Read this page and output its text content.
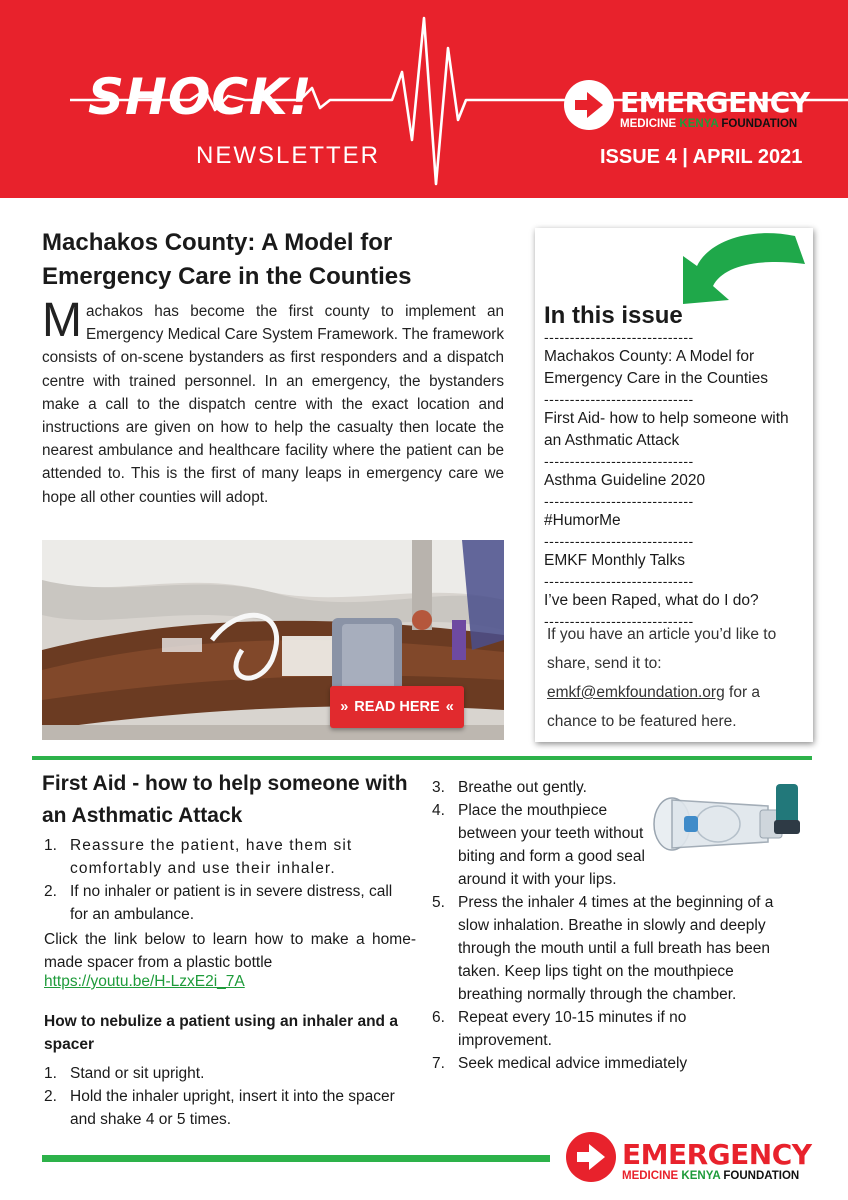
SHOCK!
NEWSLETTER
EMERGENCY
MEDICINE KENYA FOUNDATION
ISSUE 4 | APRIL 2021
Machakos County: A Model for Emergency Care in the Counties
Machakos has become the first county to implement an Emergency Medical Care System Framework. The framework consists of on-scene bystanders as first responders and a dispatch centre with trained personnel. In an emergency, the bystanders make a call to the dispatch centre with the exact location and instructions are given on how to help the casualty then locate the nearest ambulance and healthcare facility where the patient can be attended to. This is the first of many leaps in emergency care we hope all other counties will adopt.
» READ HERE «
In this issue
-----------------------------
Machakos County: A Model for Emergency Care in the Counties
-----------------------------
First Aid- how to help someone with an Asthmatic Attack
-----------------------------
Asthma Guideline 2020
-----------------------------
#HumorMe
-----------------------------
EMKF Monthly Talks
-----------------------------
I’ve been Raped, what do I do?
-----------------------------
If you have an article you’d like to share, send it to: emkf@emkfoundation.org for a chance to be featured here.
First Aid - how to help someone with an Asthmatic Attack
1. Reassure the patient, have them sit comfortably and use their inhaler.
2. If no inhaler or patient is in severe distress, call for an ambulance.
Click the link below to learn how to make a home-made spacer from a plastic bottle
https://youtu.be/H-LzxE2i_7A
How to nebulize a patient using an inhaler and a spacer
1. Stand or sit upright.
2. Hold the inhaler upright, insert it into the spacer and shake 4 or 5 times.
3. Breathe out gently.
4. Place the mouthpiece between your teeth without biting and form a good seal around it with your lips.
5. Press the inhaler 4 times at the beginning of a slow inhalation. Breathe in slowly and deeply through the mouth until a full breath has been taken. Keep lips tight on the mouthpiece breathing normally through the chamber.
6. Repeat every 10-15 minutes if no improvement.
7. Seek medical advice immediately
EMERGENCY
MEDICINE KENYA FOUNDATION
